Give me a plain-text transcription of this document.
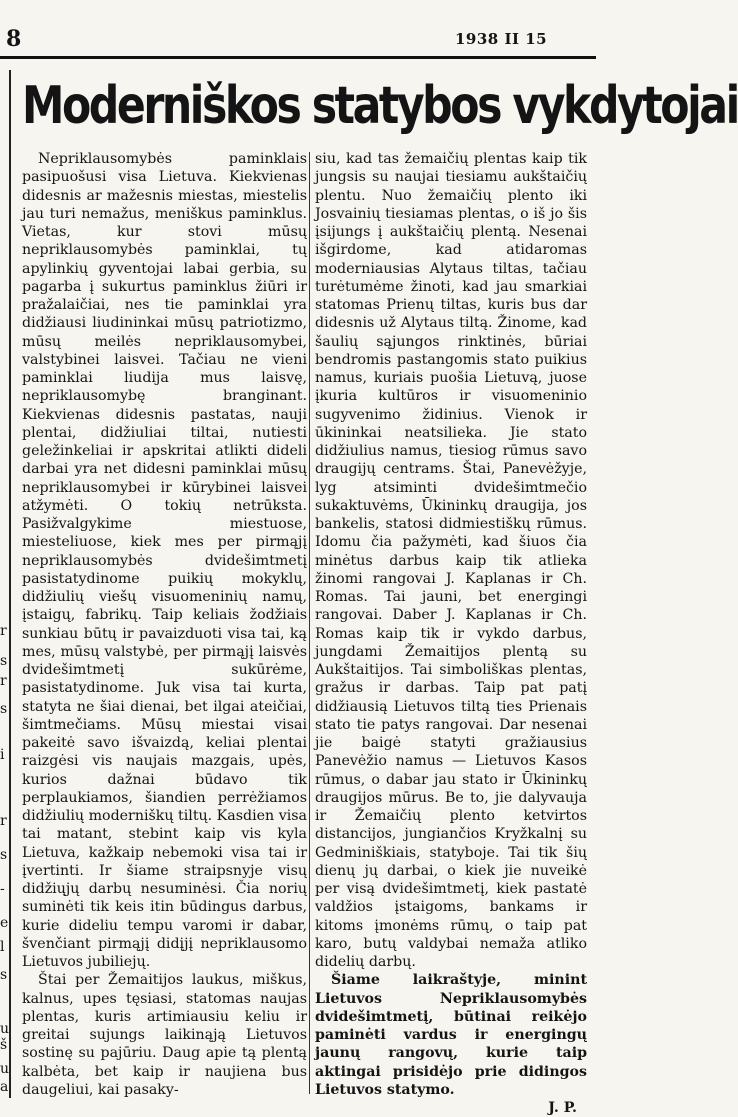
8	1938 II 15
Moderniškos statybos vykdytojai

Nepriklausomybės paminklais pasipuošusi visa Lietuva. Kiekvienas didesnis ar mažesnis miestas, miestelis jau turi nemažus, meniškus paminklus. Vietas, kur stovi mūsų nepriklausomybės paminklai, tų apylinkių gyventojai labai gerbia, su pagarba į sukurtus paminklus žiūri ir pražalaičiai, nes tie paminklai yra didžiausi liudininkai mūsų patriotizmo, mūsų meilės nepriklausomybei, valstybinei laisvei. Tačiau ne vieni paminklai liudija mus laisvę, nepriklausomybę branginant. Kiekvienas didesnis pastatas, nauji plentai, didžiuliai tiltai, nutiesti geležinkeliai ir apskritai atlikti dideli darbai yra net didesni paminklai mūsų nepriklausomybei ir kūrybinei laisvei atžymėti. O tokių netrūksta. Pasižvalgykime miestuose, miesteliuose, kiek mes per pirmąjį nepriklausomybės dvidešimtmetį pasistatydinome puikių mokyklų, didžiulių viešų visuomeninių namų, įstaigų, fabrikų. Taip keliais žodžiais sunkiau būtų ir pavaizduoti visa tai, ką mes, mūsų valstybė, per pirmąjį laisvės dvidešimtmetį sukūrėme, pasistatydinome. Juk visa tai kurta, statyta ne šiai dienai, bet ilgai ateičiai, šimtmečiams. Mūsų miestai visai pakeitė savo išvaizdą, keliai plentai raizgėsi vis naujais mazgais, upės, kurios dažnai būdavo tik perplaukiamos, šiandien perrėžiamos didžiulių moderniškų tiltų. Kasdien visa tai matant, stebint kaip vis kyla Lietuva, kažkaip nebemoki visa tai ir įvertinti. Ir šiame straipsnyje visų didžiųjų darbų nesuminėsi. Čia norių suminėti tik keis itin būdingus darbus, kurie dideliu tempu varomi ir dabar, švenčiant pirmąjį didįjį nepriklausomo Lietuvos jubiliejų.

Štai per Žemaitijos laukus, miškus, kalnus, upes tęsiasi, statomas naujas plentas, kuris artimiausiu keliu ir greitai sujungs laikinąją Lietuvos sostinę su pajūriu. Daug apie tą plentą kalbėta, bet kaip ir naujiena bus daugeliui, kai pasaky-

siu, kad tas žemaičių plentas kaip tik jungsis su naujai tiesiamu aukštaičių plentu. Nuo žemaičių plento iki Josvainių tiesiamas plentas, o iš jo šis įsijungs į aukštaičių plentą. Nesenai išgirdome, kad atidaromas moderniausias Alytaus tiltas, tačiau turėtumėme žinoti, kad jau smarkiai statomas Prienų tiltas, kuris bus dar didesnis už Alytaus tiltą. Žinome, kad šaulių sąjungos rinktinės, būriai bendromis pastangomis stato puikius namus, kuriais puošia Lietuvą, juose įkuria kultūros ir visuomeninio sugyvenimo židinius. Vienok ir ūkininkai neatsilieka. Jie stato didžiulius namus, tiesiog rūmus savo draugijų centrams. Štai, Panevėžyje, lyg atsiminti dvidešimtmečio sukaktuvėms, Ūkininkų draugija, jos bankelis, statosi didmiestiškų rūmus. Idomu čia pažymėti, kad šiuos čia minėtus darbus kaip tik atlieka žinomi rangovai J. Kaplanas ir Ch. Romas. Tai jauni, bet energingi rangovai. Daber J. Kaplanas ir Ch. Romas kaip tik ir vykdo darbus, jungdami Žemaitijos plentą su Aukštaitijos. Tai simboliškas plentas, gražus ir darbas. Taip pat patį didžiausią Lietuvos tiltą ties Prienais stato tie patys rangovai. Dar nesenai jie baigė statyti gražiausius Panevėžio namus — Lietuvos Kasos rūmus, o dabar jau stato ir Ūkininkų draugijos mūrus. Be to, jie dalyvauja ir Žemaičių plento ketvirtos distancijos, jungiančios Kryžkalnį su Gedminiškiais, statyboje. Tai tik šių dienų jų darbai, o kiek jie nuveikė per visą dvidešimtmetį, kiek pastatė valdžios įstaigoms, bankams ir kitoms įmonėms rūmų, o taip pat karo, butų valdybai nemaža atliko didelių darbų.

Šiame laikraštyje, minint Lietuvos Nepriklausomybės dvidešimtmetį, būtinai reikėjo paminėti vardus ir energingų jaunų rangovų, kurie taip aktingai prisidėjo prie didingos Lietuvos statymo.

J. P.

r
s
r
s
i
r
s
-
e
l
s
u
š
u
a
